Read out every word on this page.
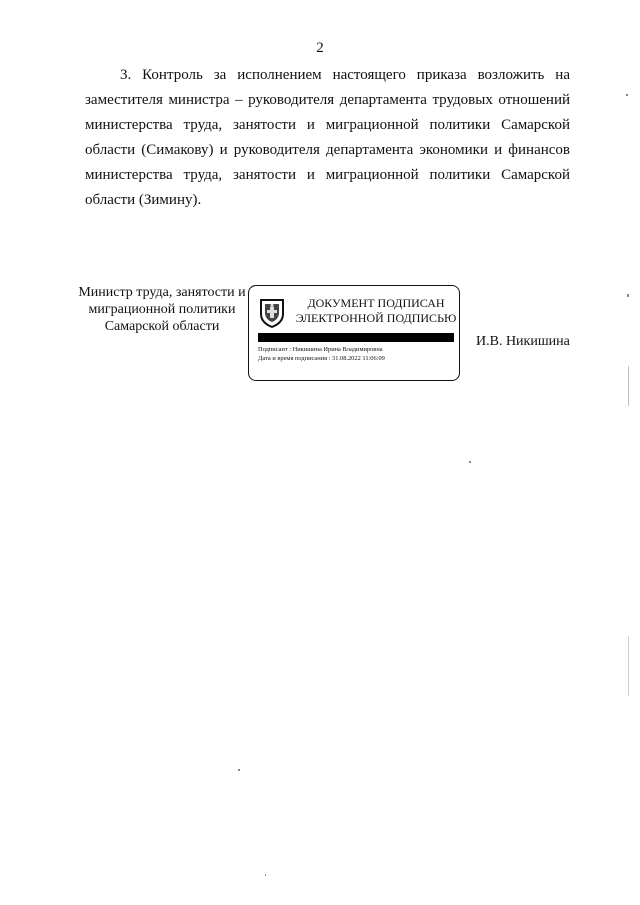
2

3. Контроль за исполнением настоящего приказа возложить на заместителя министра – руководителя департамента трудовых отношений министерства труда, занятости и миграционной политики Самарской области (Симакову) и руководителя департамента экономики и финансов министерства труда, занятости и миграционной политики Самарской области (Зимину).

Министр труда, занятости и миграционной политики Самарской области
ДОКУМЕНТ ПОДПИСАН
ЭЛЕКТРОННОЙ ПОДПИСЬЮ
Подписант : Никишина Ирина Владимировна
Дата и время подписания : 31.08.2022 11:06:09
И.В. Никишина
